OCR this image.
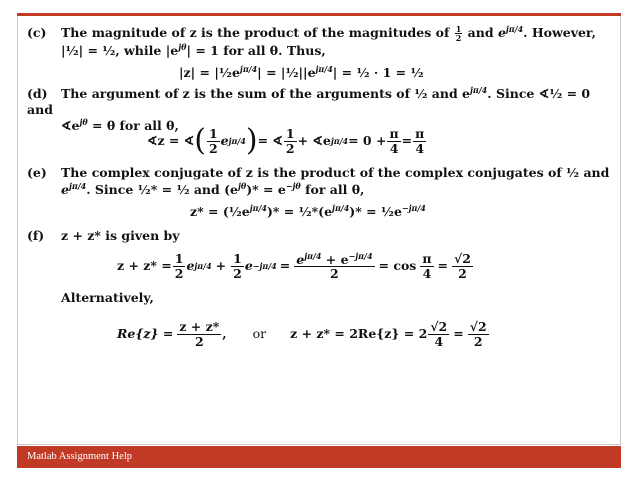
(c) The magnitude of z is the product of the magnitudes of $\frac{1}{2}$ and $e^{j\pi/4}$. However,
|½| = ½, while $|e^{j\theta}| = 1$ for all θ. Thus,
$|z| = |\frac{1}{2}e^{j\pi/4}|$ = $|\frac{1}{2}||e^{j\pi/4}|$ = ½ · 1 = ½
(d) The argument of z is the sum of the arguments of ½ and $e^{j\pi/4}$. Since ∢½ = 0 and
$∢e^{j\theta} = \theta$ for all θ,
∢z = ∢ ( 1
2 e jπ/4 ) = ∢ 1
2 + ∢e $j\pi/4 = 0 + \frac{\pi}{4} = \frac{\pi}{4}$
(e) The complex conjugate of z is the product of the complex conjugates of ½ and
$e^{j\pi/4}$. Since ½* = ½ and $(e^{j\theta})* = e^{-j\theta}$ for all θ,
$z* = (\frac{1}{2}e^{j\pi/4})*$ = $\frac{1}{2}*(e^{j\pi/4})*$ = $\frac{1}{2}e^{-j\pi/4}$
(f) z + z* is given by
$z + z* = \frac{1}{2}$ e $j\pi/4 + \frac{1}{2}$ $e -j\pi/4 = e^{j\pi/4} + e^{-j\pi/4}$
2
= $\cos \frac{\pi}{4} = \frac{√2}{2}$
Alternatively,
$Re\{z\} = \frac{z + z*}{2}$ , or $z + z* = 2Re\{z\} = 2 \frac{√2}{4} = \frac{√2}{2}$
Matlab Assignment Help
